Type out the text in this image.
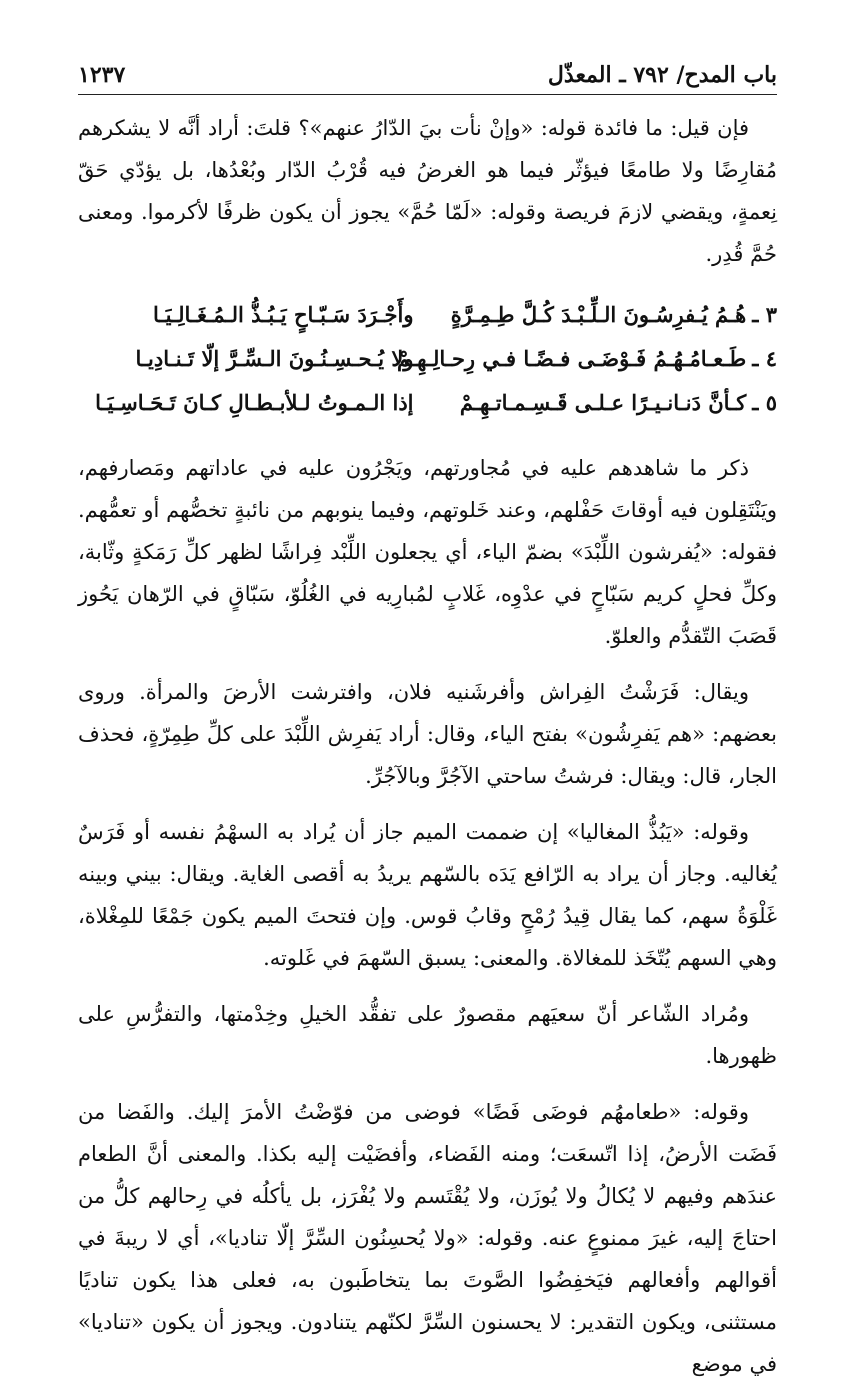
باب المدح/ ٧٩٢ ـ المعذّل
١٢٣٧

فإن قيل: ما فائدة قوله: «وإنْ نأت بيَ الدّارُ عنهم»؟ قلتَ: أراد أنَّه لا يشكرهم مُقارِضًا ولا طامعًا فيؤثّر فيما هو الغرضُ فيه قُرْبُ الدّار وبُعْدُها، بل يؤدّي حَقّ نِعمةٍ، ويقضي لازمَ فريصة وقوله: «لَمّا حُمَّ» يجوز أن يكون ظرفًا لأكرموا. ومعنى حُمَّ قُدِر.

٣ ـهُـمُ يُـفرِسُـونَ الـلِّـبْـدَ كُـلَّ طِـمِـرَّةٍ
وأَجْـرَدَ سَـبّـاحٍ يَـبُـذُّ الـمُـغَـالِـيَـا
٤ ـطَـعـامُـهُـمُ فَـوْضَـى فـضًـا فـي رِحـالِـهِـمْ
ولا يُـحـسِـنُـونَ الـسِّـرَّ إلّا تَـنـادِيـا
٥ ـكـأنَّ دَنـانـيـرًا عـلـى قَـسِـمـاتـهِـمْ
إذا الـمـوتُ لـلأبـطـالِ كـانَ تَـحَـاسِـيَـا

ذكر ما شاهدهم عليه في مُجاورتهم، ويَجْرُون عليه في عاداتهم ومَصارفهم، ويَنْتَقِلون فيه أوقاتَ حَفْلهم، وعند خَلوتهم، وفيما ينوبهم من نائبةٍ تخصُّهم أو تعمُّهم. فقوله: «يُفرشون اللِّبْدَ» بضمّ الياء، أي يجعلون اللِّبْد فِراشًا لظهر كلِّ رَمَكةٍ وثّابة، وكلِّ فحلٍ كريم سَبّاحٍ في عدْوِه، غَلابٍ لمُبارِيه في الغُلُوّ، سَبّاقٍ في الرّهان يَحُوز قَصَبَ التّقدُّم والعلوّ.

ويقال: فَرَشْتُ الفِراش وأفرشَنيه فلان، وافترشت الأرضَ والمرأة. وروى بعضهم: «هم يَفرِشُون» بفتح الياء، وقال: أراد يَفرِش اللِّبْدَ على كلِّ طِمِرّةٍ، فحذف الجار، قال: ويقال: فرشتُ ساحتي الآجُرَّ وبالآجُرِّ.

وقوله: «يَبُذُّ المغاليا» إن ضممت الميم جاز أن يُراد به السهْمُ نفسه أو فَرَسٌ يُغاليه. وجاز أن يراد به الرّافع يَدَه بالسّهم يريدُ به أقصى الغاية. ويقال: بيني وبينه غَلْوَةُ سهم، كما يقال قِيدُ رُمْحٍ وقابُ قوس. وإن فتحتَ الميم يكون جَمْعًا للمِغْلاة، وهي السهم يُتّخَذ للمغالاة. والمعنى: يسبق السّهمَ في غَلوته.

ومُراد الشّاعر أنّ سعيَهم مقصورٌ على تفقُّد الخيلِ وخِدْمتها، والتفرُّسِ على ظهورها.

وقوله: «طعامهُم فوضَى فَضًا» فوضى من فوّضْتُ الأمرَ إليك. والفَضا من فَضَت الأرضُ، إذا اتّسعَت؛ ومنه الفَضاء، وأفضَيْت إليه بكذا. والمعنى أنَّ الطعام عندَهم وفيهم لا يُكالُ ولا يُوزَن، ولا يُقْتَسم ولا يُفْرَز، بل يأكلُه في رِحالهم كلُّ من احتاجَ إليه، غيرَ ممنوعٍ عنه. وقوله: «ولا يُحسِنُون السِّرَّ إلّا تناديا»، أي لا ريبةَ في أقوالهم وأفعالهم فيَخفِضُوا الصَّوتَ بما يتخاطَبون به، فعلى هذا يكون تناديًا مستثنى، ويكون التقدير: لا يحسنون السِّرَّ لكنّهم يتنادون. ويجوز أن يكون «تناديا» في موضع
